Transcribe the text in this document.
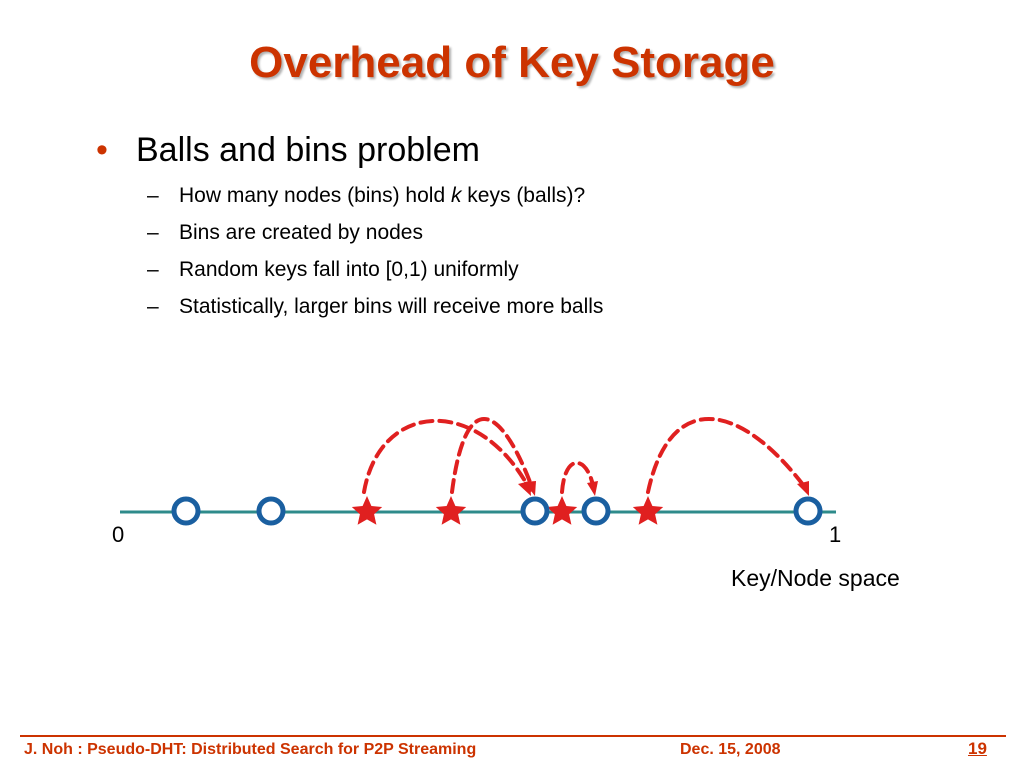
Overhead of Key Storage
• Balls and bins problem
– How many nodes (bins) hold k keys (balls)?
– Bins are created by nodes
– Random keys fall into [0,1) uniformly
– Statistically, larger bins will receive more balls
0	1
Key/Node space
J. Noh : Pseudo-DHT: Distributed Search for P2P Streaming	Dec. 15, 2008	19
